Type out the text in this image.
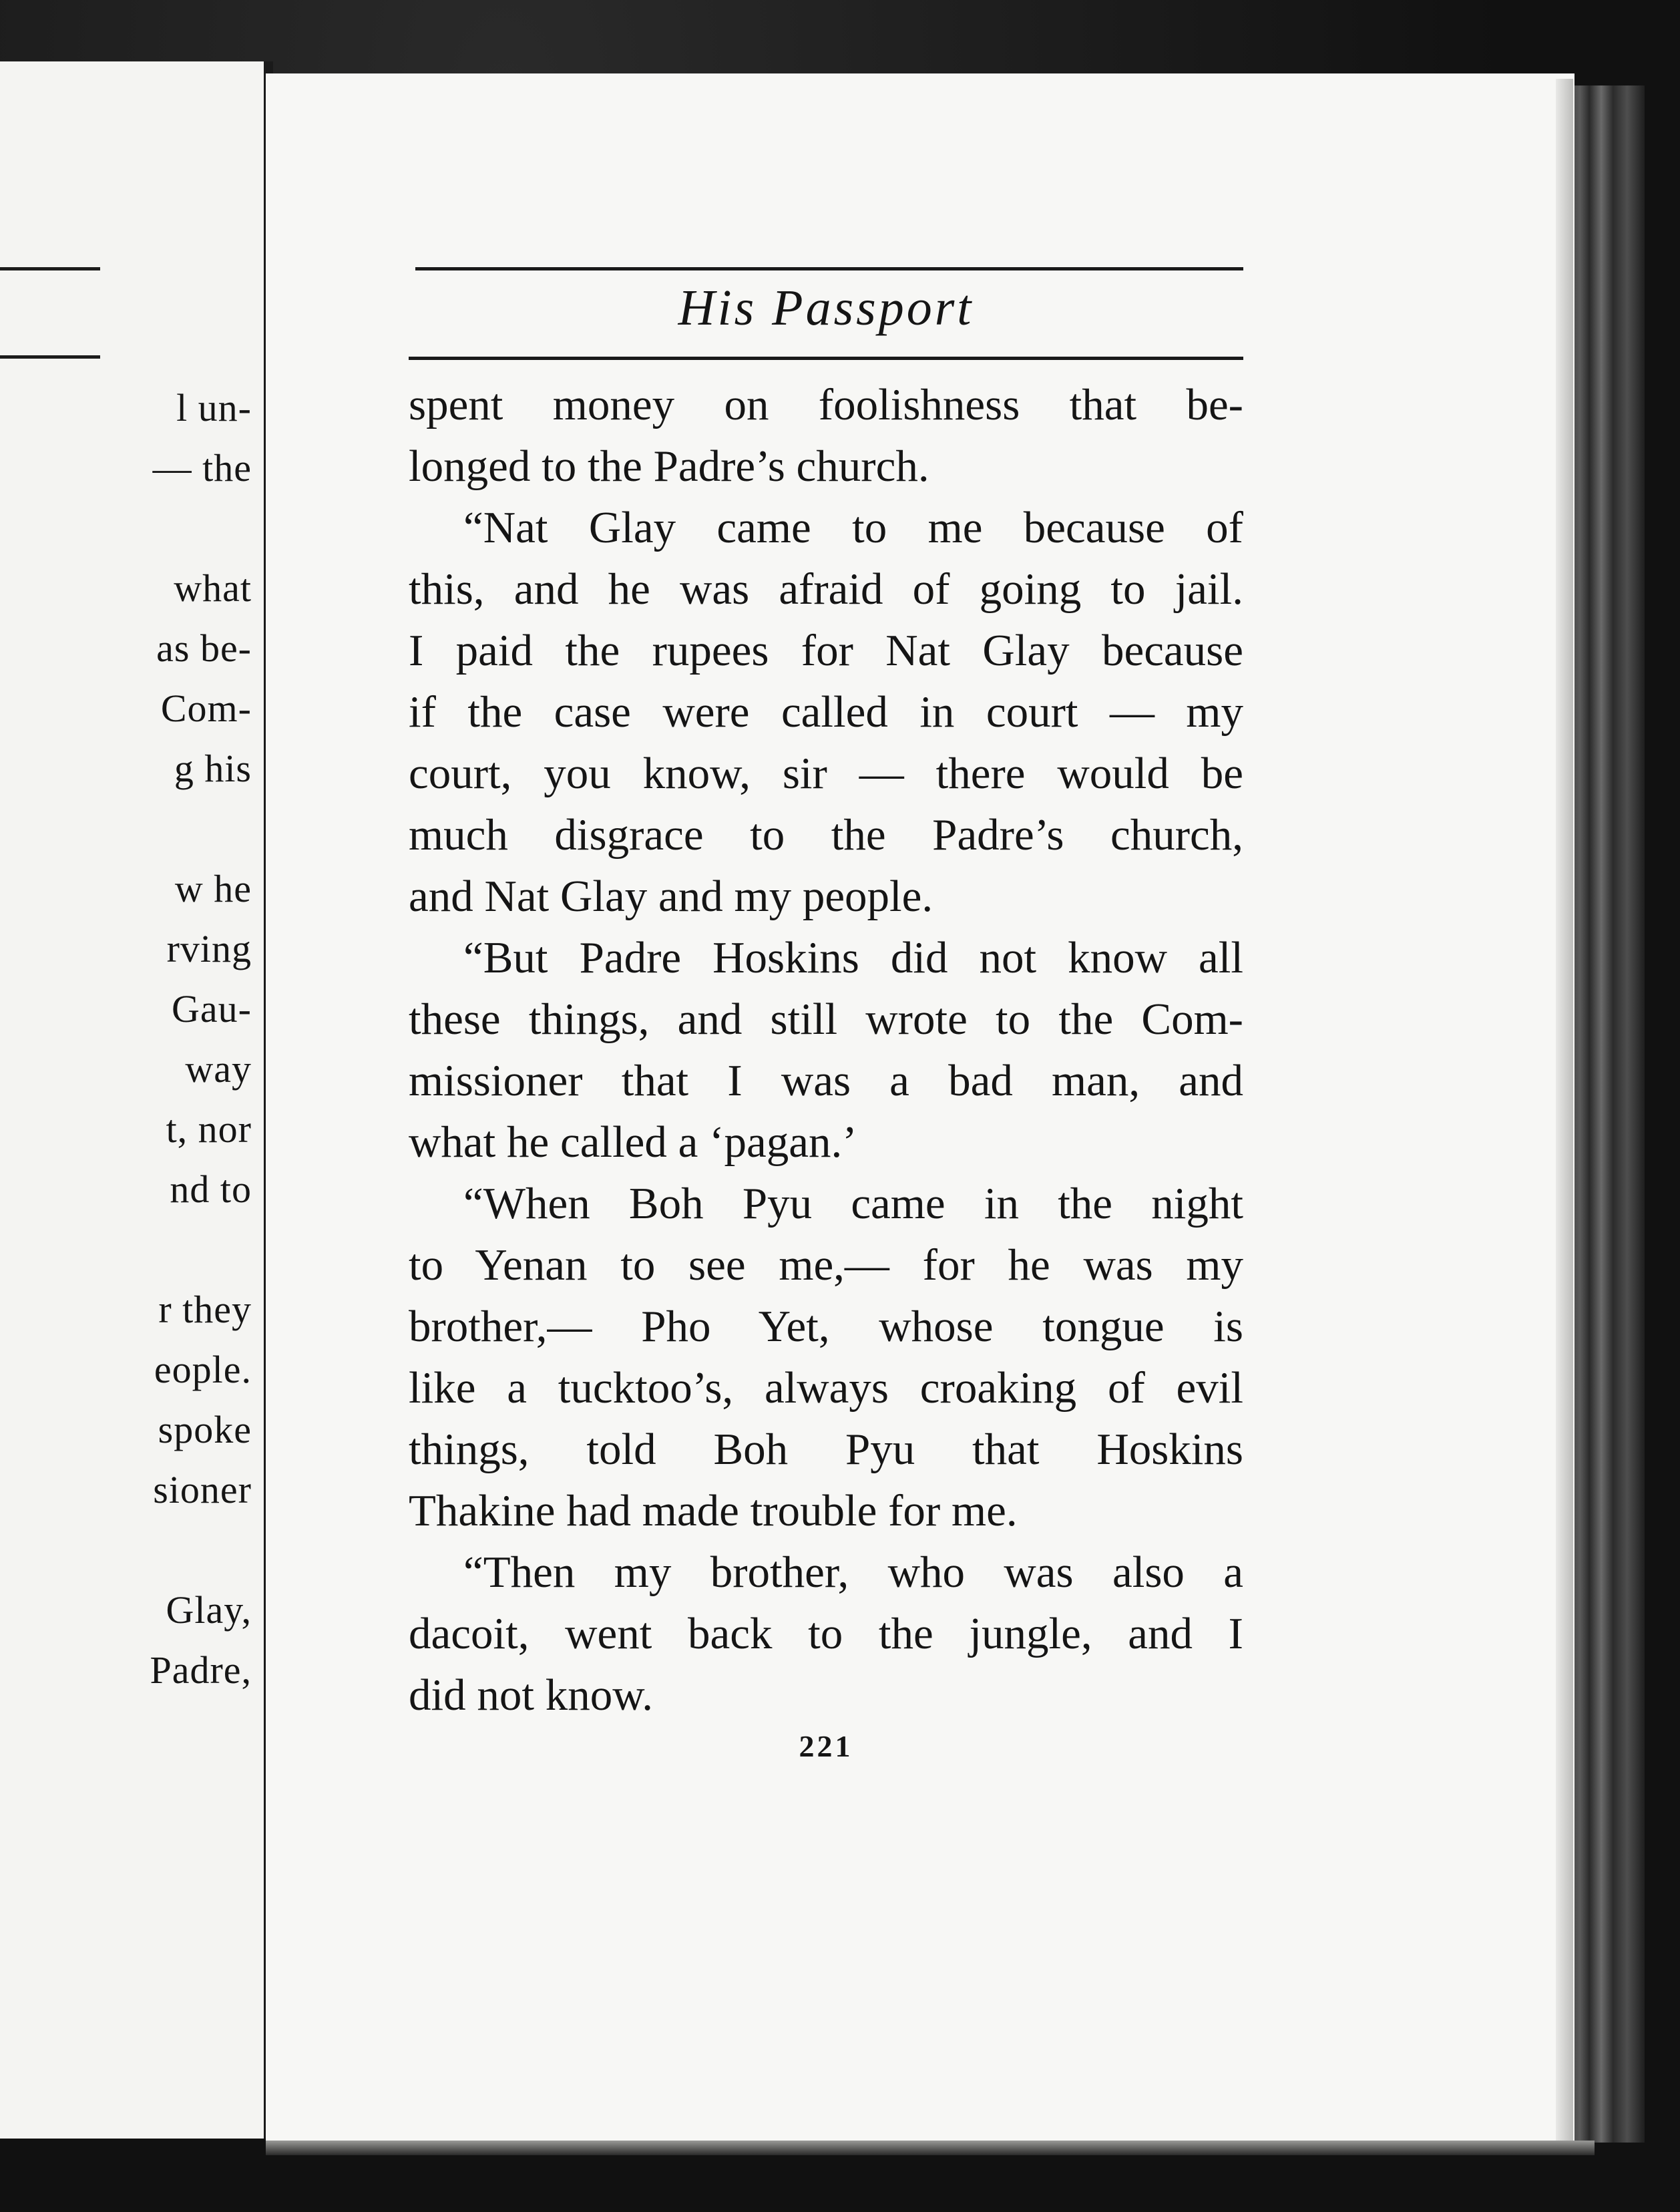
l un-
— the
what
as be-
Com-
g his
w he
rving
Gau-
way
t, nor
nd to
r they
eople.
spoke
sioner
Glay,
Padre,
His Passport
spent money on foolishness that be-
longed to the Padre’s church.
“Nat Glay came to me because of
this, and he was afraid of going to jail.
I paid the rupees for Nat Glay because
if the case were called in court — my
court, you know, sir — there would be
much disgrace to the Padre’s church,
and Nat Glay and my people.
“But Padre Hoskins did not know all
these things, and still wrote to the Com-
missioner that I was a bad man, and
what he called a ‘pagan.’
“When Boh Pyu came in the night
to Yenan to see me,— for he was my
brother,— Pho Yet, whose tongue is
like a tucktoo’s, always croaking of evil
things, told Boh Pyu that Hoskins
Thakine had made trouble for me.
“Then my brother, who was also a
dacoit, went back to the jungle, and I
did not know.
221
